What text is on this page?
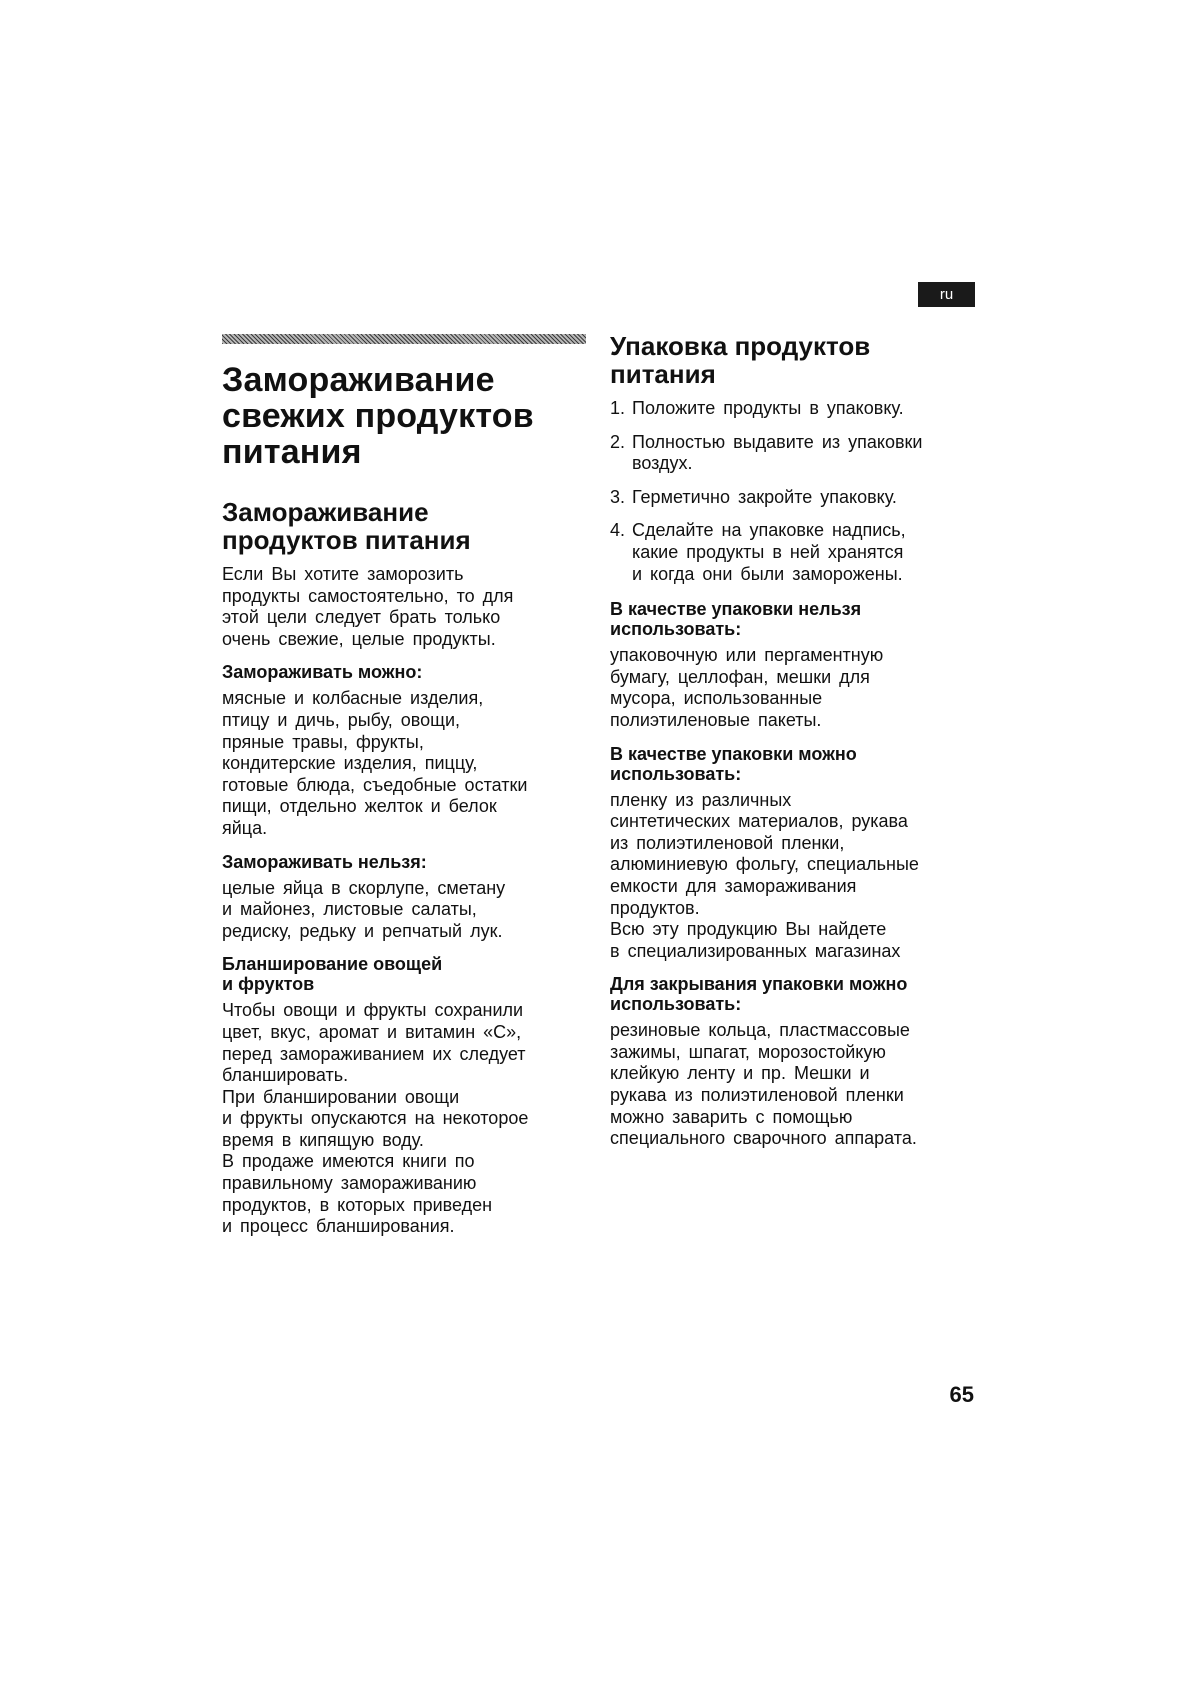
ru
Замораживание
свежих продуктов
питания
Замораживание
продуктов питания

Если Вы хотите заморозить
продукты самостоятельно, то для
этой цели следует брать только
очень свежие, целые продукты.

Замораживать можно:

мясные и колбасные изделия,
птицу и дичь, рыбу, овощи,
пряные травы, фрукты,
кондитерские изделия, пиццу,
готовые блюда, съедобные остатки
пищи, отдельно желток и белок
яйца.

Замораживать нельзя:

целые яйца в скорлупе, сметану
и майонез, листовые салаты,
редиску, редьку и репчатый лук.

Бланширование овощей
и фруктов

Чтобы овощи и фрукты сохранили
цвет, вкус, аромат и витамин «С»,
перед замораживанием их следует
бланшировать.

При бланшировании овощи
и фрукты опускаются на некоторое
время в кипящую воду.

В продаже имеются книги по
правильному замораживанию
продуктов, в которых приведен
и процесс бланширования.

Упаковка продуктов
питания
1. Положите продукты в упаковку.
2. Полностью выдавите из упаковки
воздух.
3. Герметично закройте упаковку.
4. Сделайте на упаковке надпись,
какие продукты в ней хранятся
и когда они были заморожены.
В качестве упаковки нельзя
использовать:

упаковочную или пергаментную
бумагу, целлофан, мешки для
мусора, использованные
полиэтиленовые пакеты.

В качестве упаковки можно
использовать:

пленку из различных
синтетических материалов, рукава
из полиэтиленовой пленки,
алюминиевую фольгу, специальные
емкости для замораживания
продуктов.

Всю эту продукцию Вы найдете
в специализированных магазинах

Для закрывания упаковки можно
использовать:

резиновые кольца, пластмассовые
зажимы, шпагат, морозостойкую
клейкую ленту и пр. Мешки и
рукава из полиэтиленовой пленки
можно заварить с помощью
специального сварочного аппарата.

65
